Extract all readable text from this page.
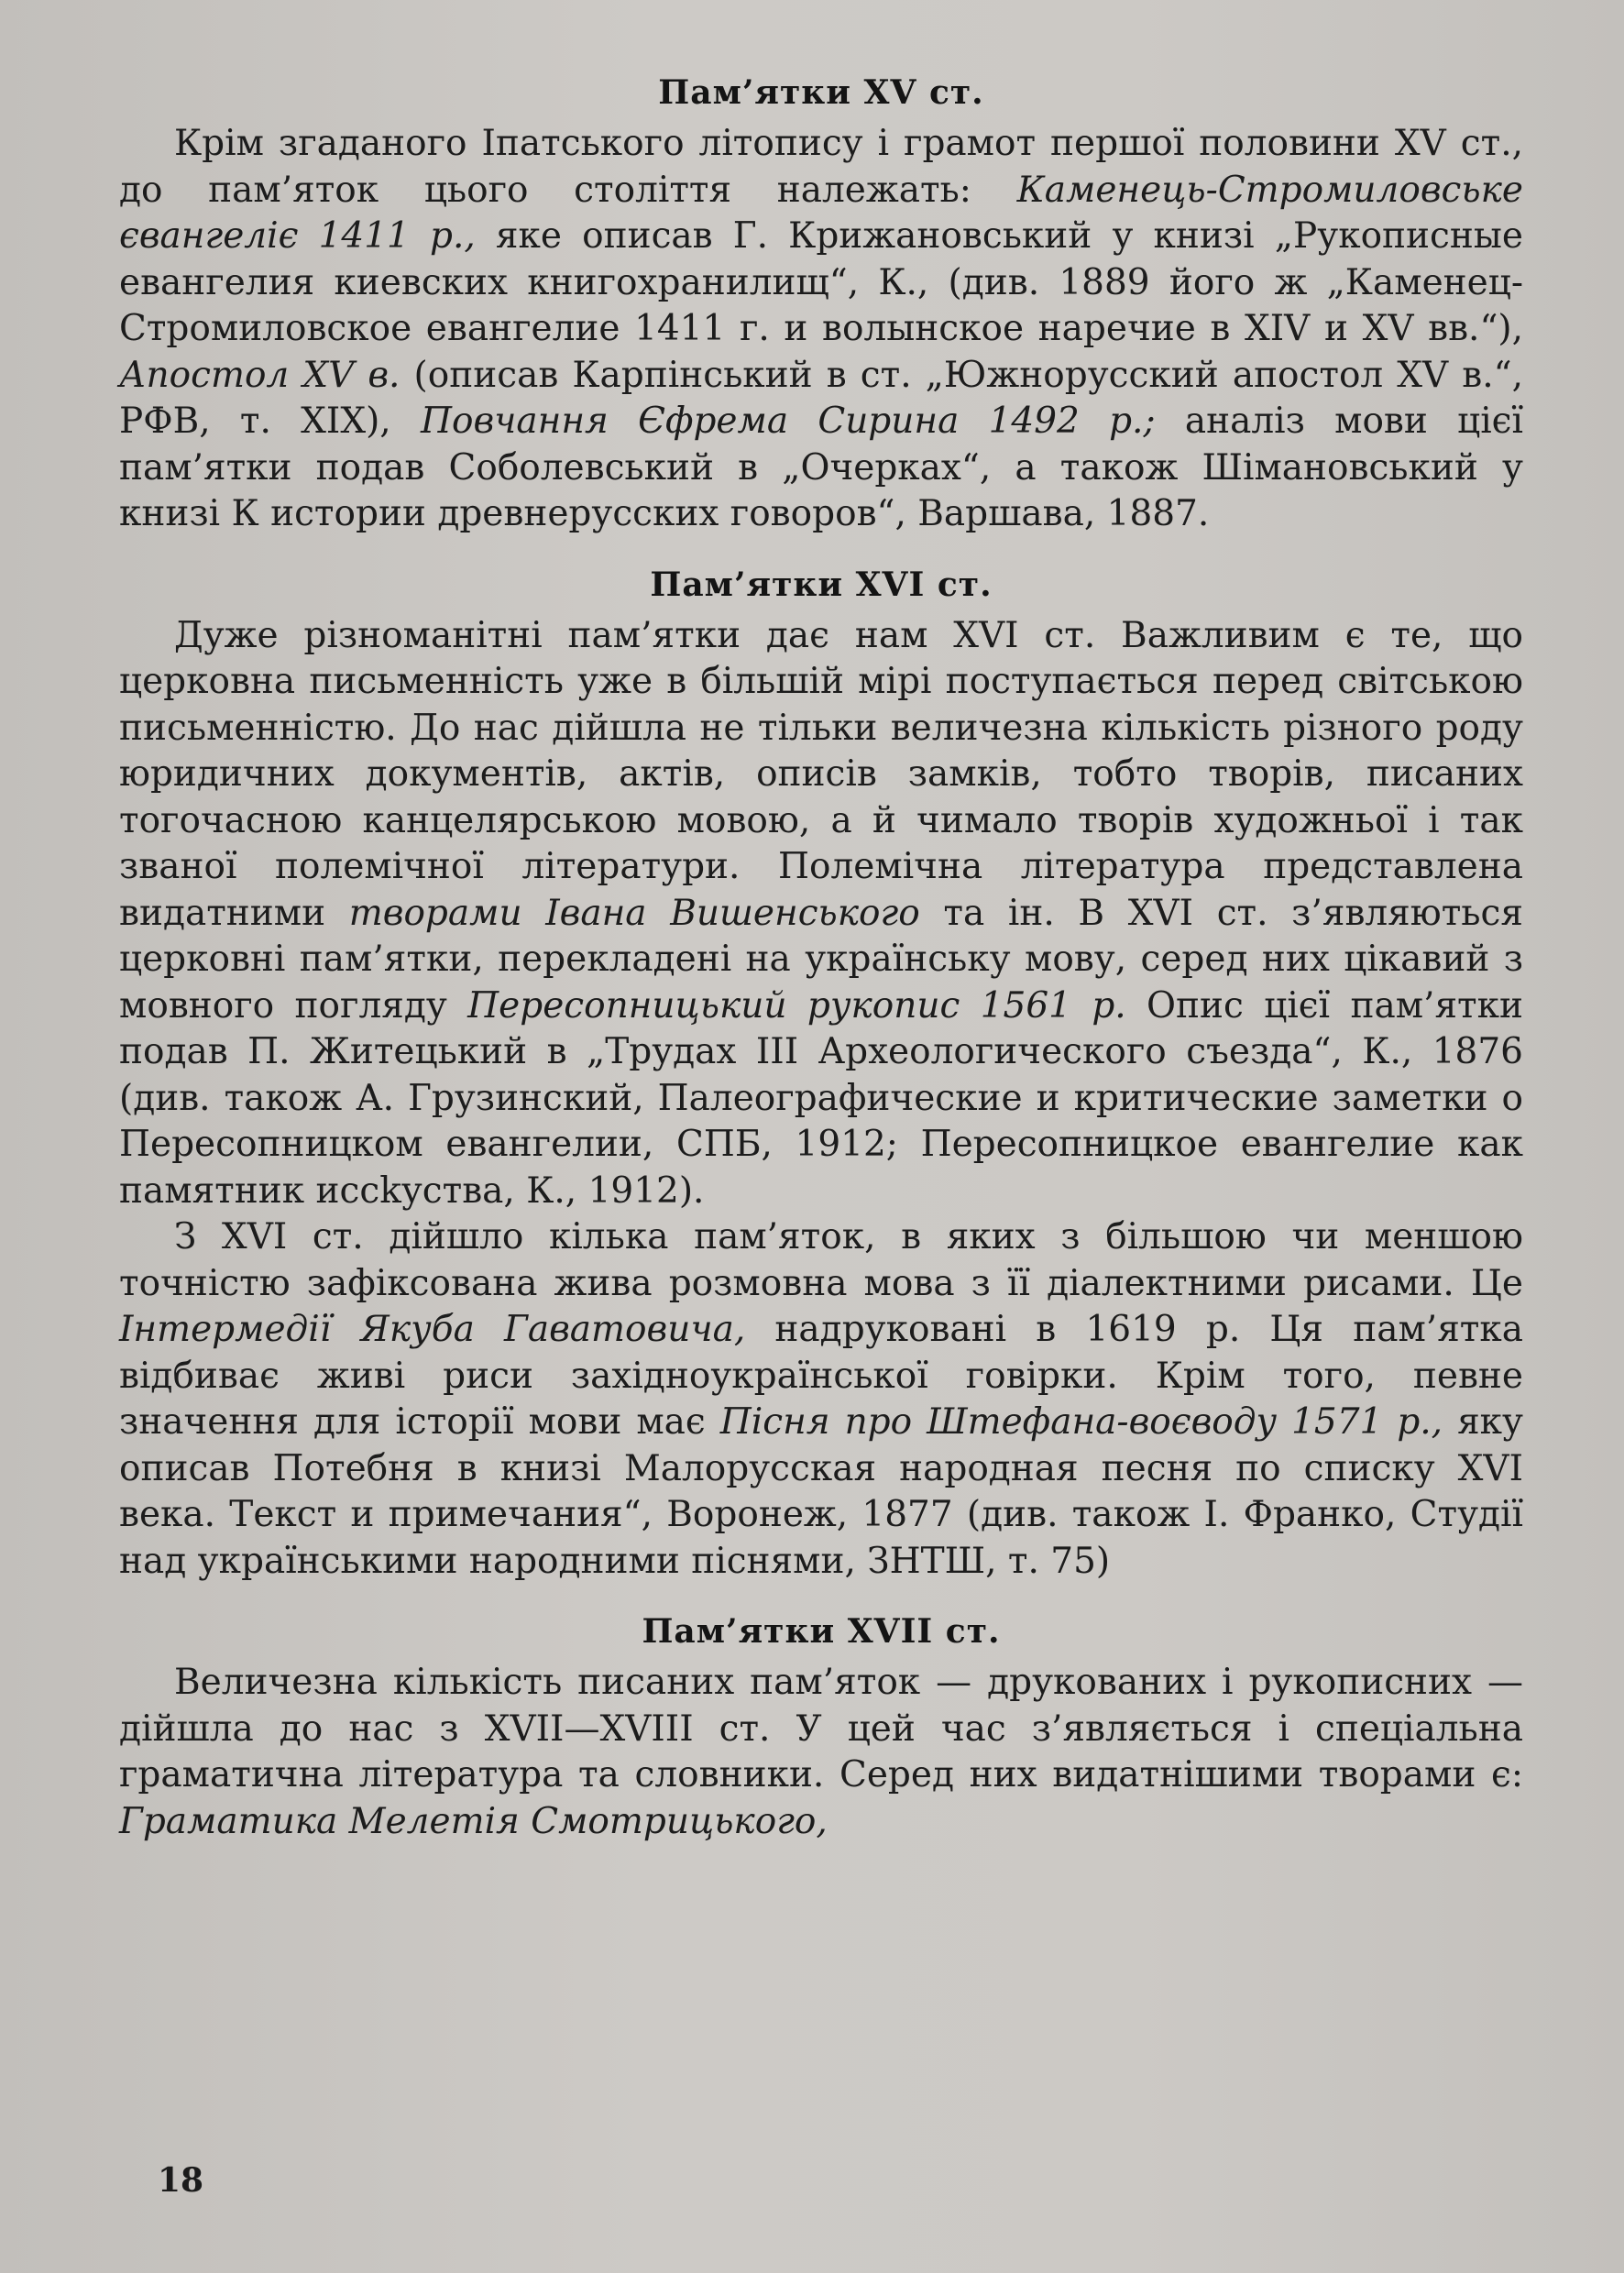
Пам’ятки XV ст.

Крім згаданого Іпатського літопису і грамот першої половини XV ст., до пам’яток цього століття належать: Каменець-Стромиловське євангеліє 1411 р., яке описав Г. Крижановський у книзі „Рукописные евангелия киевских книгохранилищ“, К., (див. 1889 його ж „Каменец-Стромиловское евангелие 1411 г. и волынское наречие в XIV и XV вв.“), Апостол XV в. (описав Карпінський в ст. „Южнорусский апостол XV в.“, РФВ, т. XIX), Повчання Єфрема Сирина 1492 р.; аналіз мови цієї пам’ятки подав Соболевський в „Очерках“, а також Шімановський у книзі К истории древнерусских говоров“, Варшава, 1887.

Пам’ятки XVI ст.

Дуже різноманітні пам’ятки дає нам XVI ст. Важливим є те, що церковна письменність уже в більшій мірі поступається перед світською письменністю. До нас дійшла не тільки величезна кількість різного роду юридичних документів, актів, описів замків, тобто творів, писаних тогочасною канцелярською мовою, а й чимало творів художньої і так званої полемічної літератури. Полемічна література представлена видатними творами Івана Вишенського та ін. В XVI ст. з’являються церковні пам’ятки, перекладені на українську мову, серед них цікавий з мовного погляду Пересопницький рукопис 1561 р. Опис цієї пам’ятки подав П. Житецький в „Трудах III Археологического съезда“, К., 1876 (див. також А. Грузинский, Палеографические и критические заметки о Пересопницком евангелии, СПБ, 1912; Пересопницкое евангелие как памятник иссkуства, К., 1912).

З XVI ст. дійшло кілька пам’яток, в яких з більшою чи меншою точністю зафіксована жива розмовна мова з її діалектними рисами. Це Інтермедії Якуба Гаватовича, надруковані в 1619 р. Ця пам’ятка відбиває живі риси західноукраїнської говірки. Крім того, певне значення для історії мови має Пісня про Штефана-воєводу 1571 р., яку описав Потебня в книзі Малорусская народная песня по списку XVI века. Текст и примечания“, Воронеж, 1877 (див. також І. Франко, Студії над українськими народними піснями, ЗНТШ, т. 75)

Пам’ятки XVII ст.

Величезна кількість писаних пам’яток — друкованих і рукописних — дійшла до нас з XVII—XVIII ст. У цей час з’являється і спеціальна граматична література та словники. Серед них видатнішими творами є: Граматика Мелетія Смотрицького,

18
